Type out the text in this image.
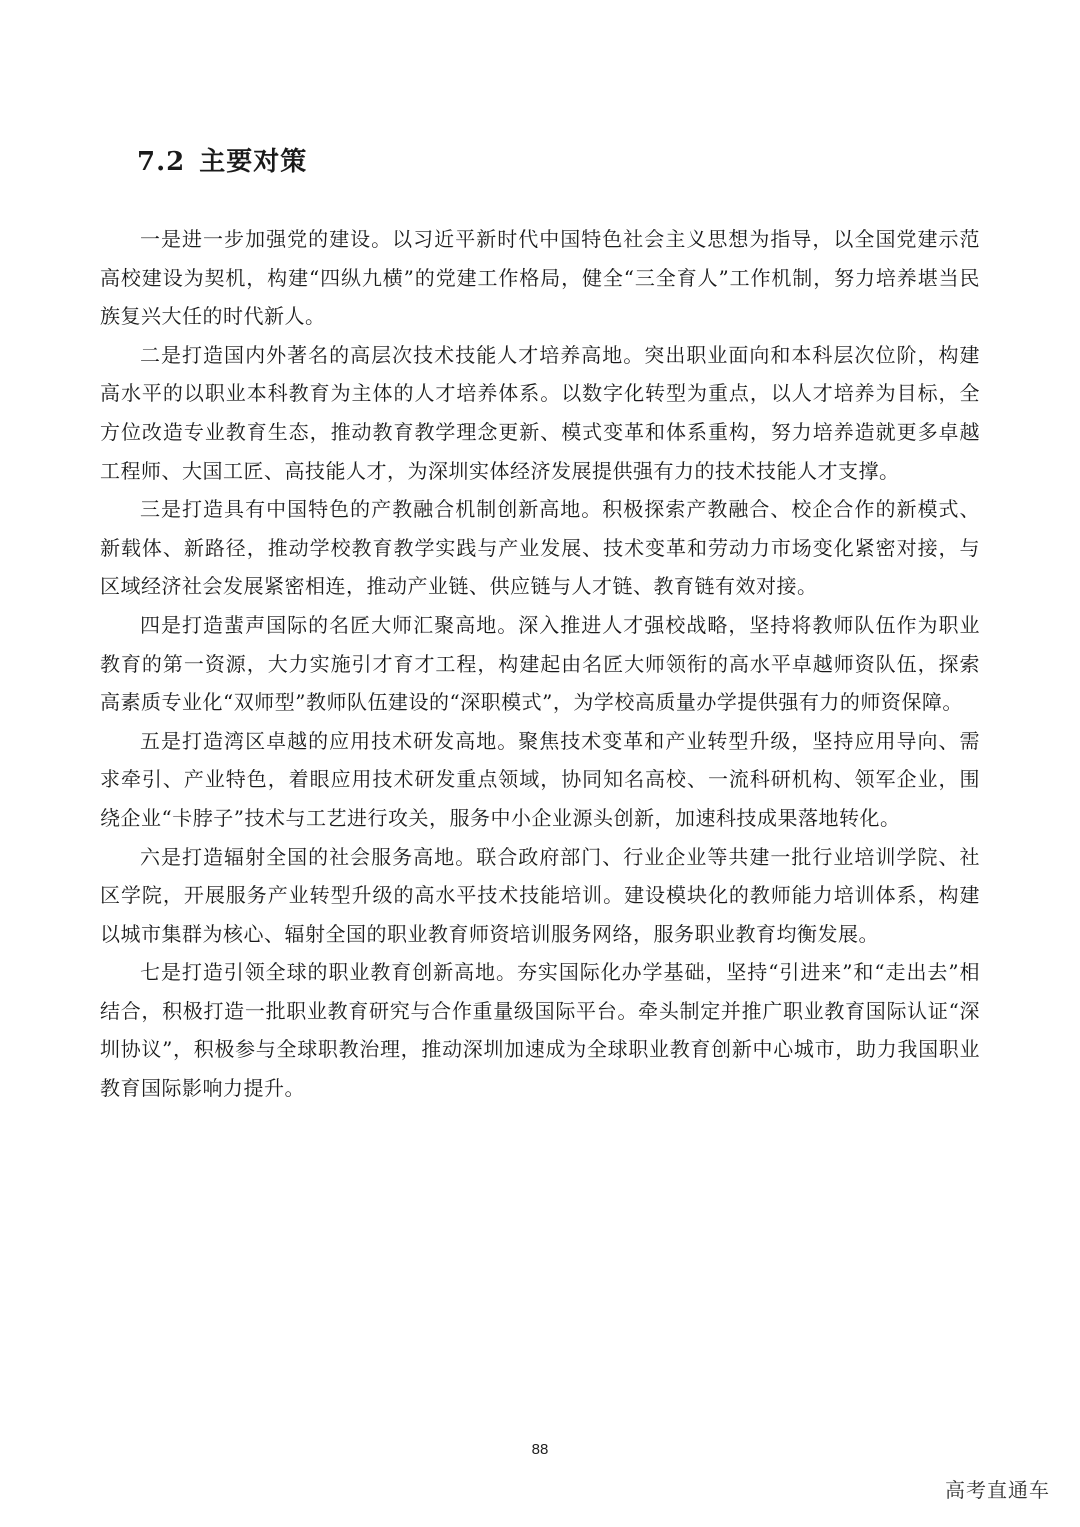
7.2 主要对策

一是进一步加强党的建设。以习近平新时代中国特色社会主义思想为指导，以全国党建示范高校建设为契机，构建“四纵九横”的党建工作格局，健全“三全育人”工作机制，努力培养堪当民族复兴大任的时代新人。

二是打造国内外著名的高层次技术技能人才培养高地。突出职业面向和本科层次位阶，构建高水平的以职业本科教育为主体的人才培养体系。以数字化转型为重点，以人才培养为目标，全方位改造专业教育生态，推动教育教学理念更新、模式变革和体系重构，努力培养造就更多卓越工程师、大国工匠、高技能人才，为深圳实体经济发展提供强有力的技术技能人才支撑。

三是打造具有中国特色的产教融合机制创新高地。积极探索产教融合、校企合作的新模式、新载体、新路径，推动学校教育教学实践与产业发展、技术变革和劳动力市场变化紧密对接，与区域经济社会发展紧密相连，推动产业链、供应链与人才链、教育链有效对接。

四是打造蜚声国际的名匠大师汇聚高地。深入推进人才强校战略，坚持将教师队伍作为职业教育的第一资源，大力实施引才育才工程，构建起由名匠大师领衔的高水平卓越师资队伍，探索高素质专业化“双师型”教师队伍建设的“深职模式”，为学校高质量办学提供强有力的师资保障。

五是打造湾区卓越的应用技术研发高地。聚焦技术变革和产业转型升级，坚持应用导向、需求牵引、产业特色，着眼应用技术研发重点领域，协同知名高校、一流科研机构、领军企业，围绕企业“卡脖子”技术与工艺进行攻关，服务中小企业源头创新，加速科技成果落地转化。

六是打造辐射全国的社会服务高地。联合政府部门、行业企业等共建一批行业培训学院、社区学院，开展服务产业转型升级的高水平技术技能培训。建设模块化的教师能力培训体系，构建以城市集群为核心、辐射全国的职业教育师资培训服务网络，服务职业教育均衡发展。

七是打造引领全球的职业教育创新高地。夯实国际化办学基础，坚持“引进来”和“走出去”相结合，积极打造一批职业教育研究与合作重量级国际平台。牵头制定并推广职业教育国际认证“深圳协议”，积极参与全球职教治理，推动深圳加速成为全球职业教育创新中心城市，助力我国职业教育国际影响力提升。

88
高考直通车
